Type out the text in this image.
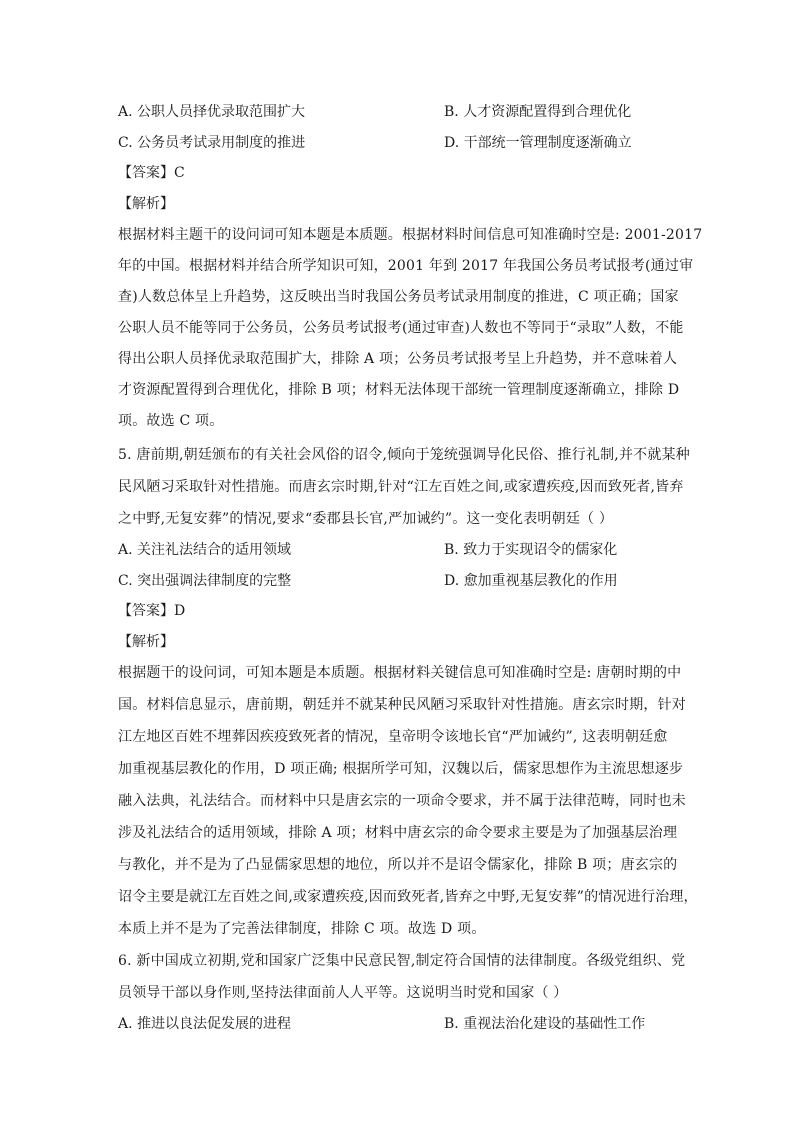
A. 公职人员择优录取范围扩大	B. 人才资源配置得到合理优化
C. 公务员考试录用制度的推进	D. 干部统一管理制度逐渐确立
【答案】C
【解析】
根据材料主题干的设问词可知本题是本质题。根据材料时间信息可知准确时空是: 2001-2017
年的中国。根据材料并结合所学知识可知，2001 年到 2017 年我国公务员考试报考(通过审
查)人数总体呈上升趋势，这反映出当时我国公务员考试录用制度的推进，C 项正确；国家
公职人员不能等同于公务员，公务员考试报考(通过审查)人数也不等同于“录取”人数，不能
得出公职人员择优录取范围扩大，排除 A 项；公务员考试报考呈上升趋势，并不意味着人
才资源配置得到合理优化，排除 B 项；材料无法体现干部统一管理制度逐渐确立，排除 D
项。故选 C 项。
5. 唐前期,朝廷颁布的有关社会风俗的诏令,倾向于笼统强调导化民俗、推行礼制,并不就某种
民风陋习采取针对性措施。而唐玄宗时期,针对“江左百姓之间,或家遭疾疫,因而致死者,皆弃
之中野,无复安葬”的情况,要求“委郡县长官,严加诫约”。这一变化表明朝廷（ ）
A. 关注礼法结合的适用领域	B. 致力于实现诏令的儒家化
C. 突出强调法律制度的完整	D. 愈加重视基层教化的作用
【答案】D
【解析】
根据题干的设问词，可知本题是本质题。根据材料关键信息可知准确时空是: 唐朝时期的中
国。材料信息显示，唐前期，朝廷并不就某种民风陋习采取针对性措施。唐玄宗时期，针对
江左地区百姓不埋葬因疾疫致死者的情况，皇帝明令该地长官“严加诫约”, 这表明朝廷愈
加重视基层教化的作用，D 项正确; 根据所学可知，汉魏以后，儒家思想作为主流思想逐步
融入法典，礼法结合。而材料中只是唐玄宗的一项命令要求，并不属于法律范畴，同时也未
涉及礼法结合的适用领域，排除 A 项；材料中唐玄宗的命令要求主要是为了加强基层治理
与教化，并不是为了凸显儒家思想的地位，所以并不是诏令儒家化，排除 B 项；唐玄宗的
诏令主要是就江左百姓之间,或家遭疾疫,因而致死者,皆弃之中野,无复安葬”的情况进行治理，
本质上并不是为了完善法律制度，排除 C 项。故选 D 项。
6. 新中国成立初期,党和国家广泛集中民意民智,制定符合国情的法律制度。各级党组织、党
员领导干部以身作则,坚持法律面前人人平等。这说明当时党和国家（ ）
A. 推进以良法促发展的进程	B. 重视法治化建设的基础性工作
